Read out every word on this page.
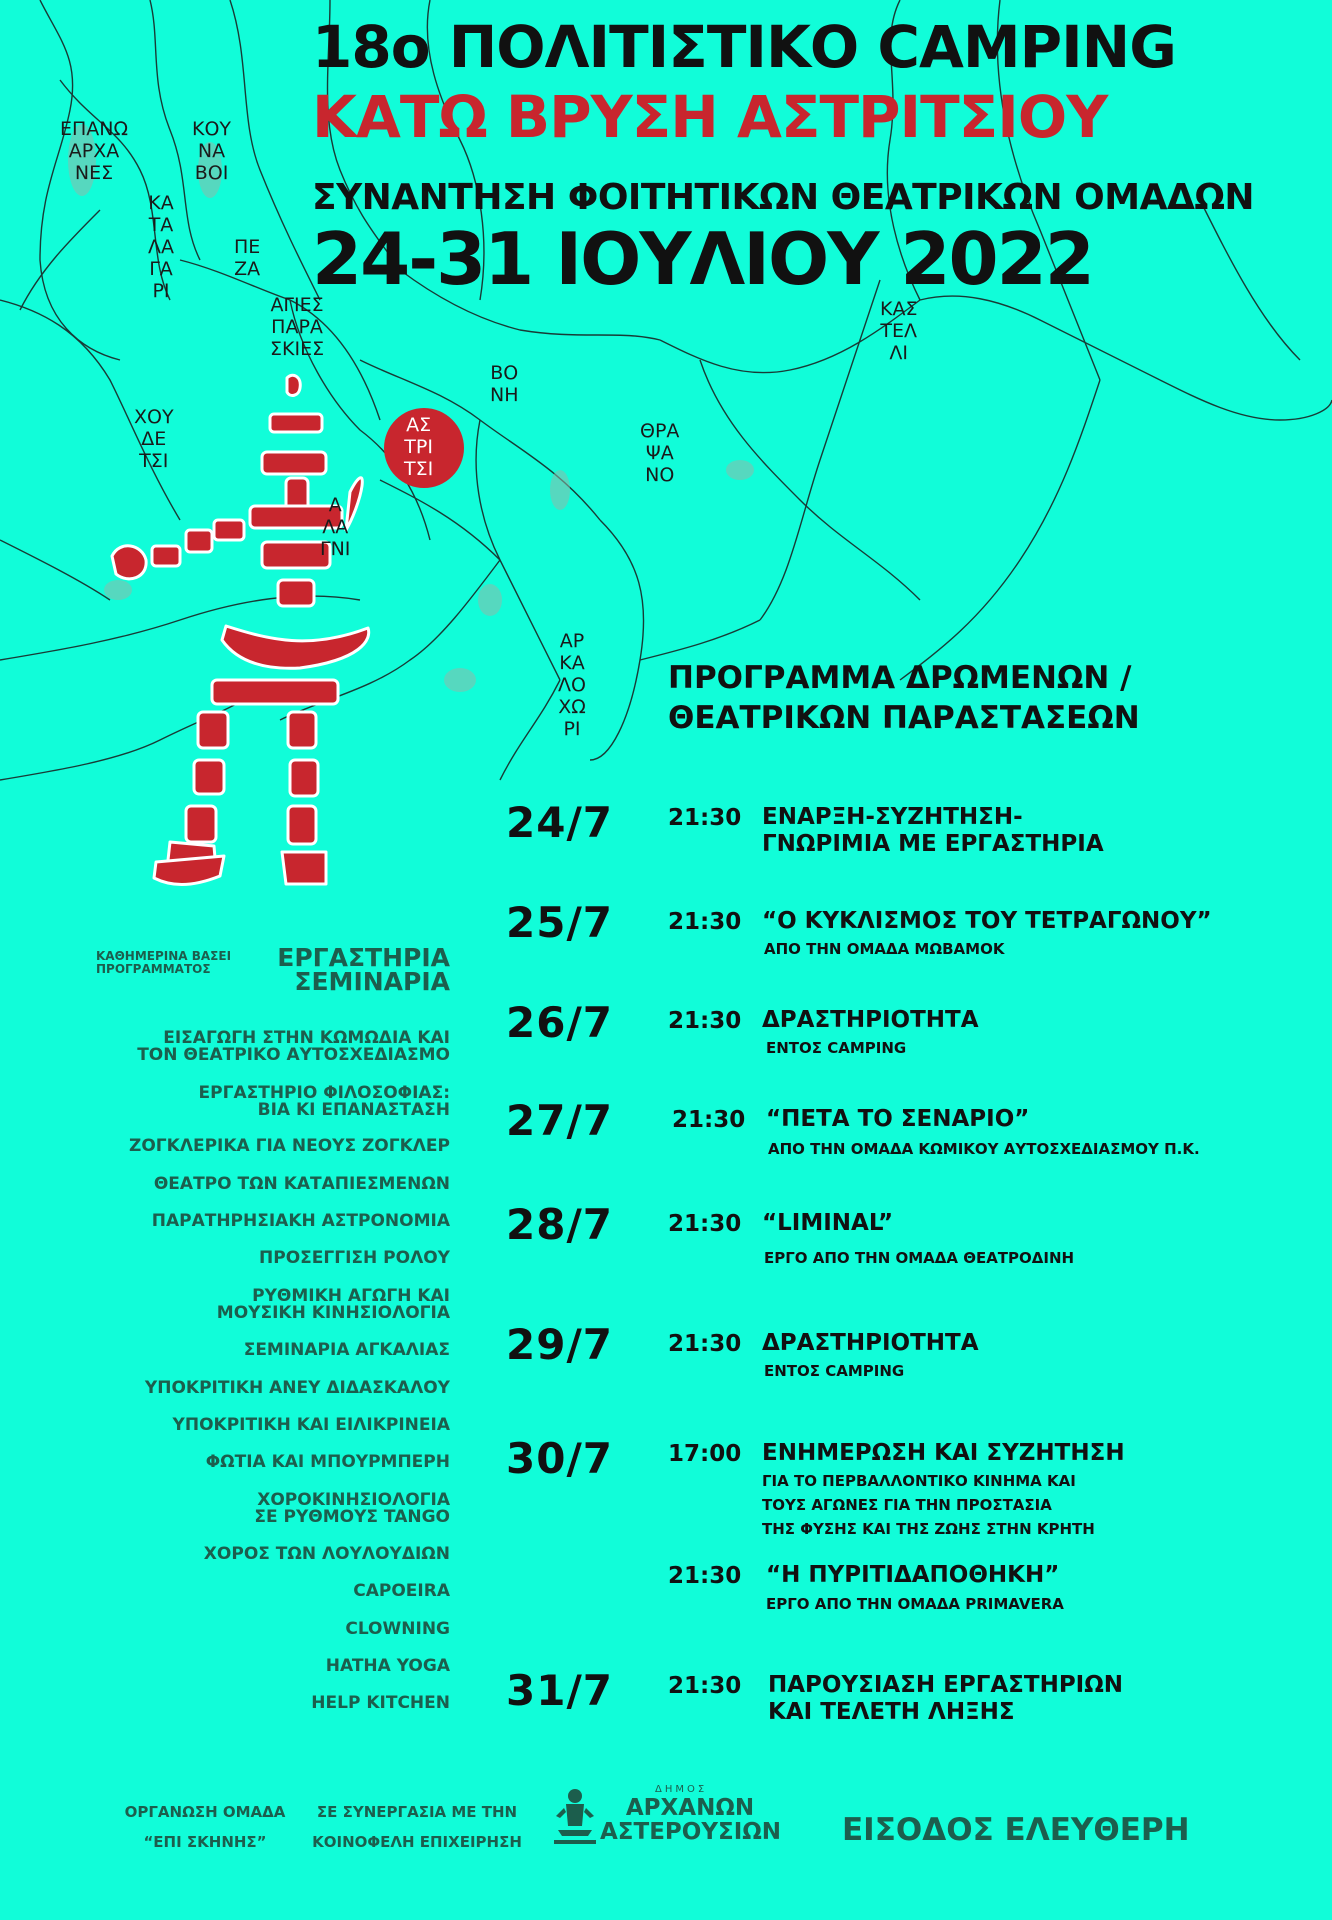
18ο ΠΟΛΙΤΙΣΤΙΚΟ CAMPING
ΚΑΤΩ ΒΡΥΣΗ ΑΣΤΡΙΤΣΙΟΥ
ΣΥΝΑΝΤΗΣΗ ΦΟΙΤΗΤΙΚΩΝ ΘΕΑΤΡΙΚΩΝ ΟΜΑΔΩΝ
24-31 ΙΟΥΛΙΟΥ 2022
ΕΠΑΝΩ
ΑΡΧΑ
ΝΕΣ
ΚΟΥ
ΝΑ
ΒΟΙ
ΚΑ
ΤΑ
ΛΑ
ΓΑ
ΡΙ
ΠΕ
ΖΑ
ΑΓΙΕΣ
ΠΑΡΑ
ΣΚΙΕΣ
ΧΟΥ
ΔΕ
ΤΣΙ
ΒΟ
ΝΗ
ΚΑΣ
ΤΕΛ
ΛΙ
ΘΡΑ
ΨΑ
ΝΟ
ΑΣ
ΤΡΙ
ΤΣΙ
Α
ΛΑ
ΓΝΙ
ΑΡ
ΚΑ
ΛΟ
ΧΩ
ΡΙ
ΠΡΟΓΡΑΜΜΑ ΔΡΩΜΕΝΩΝ /
ΘΕΑΤΡΙΚΩΝ ΠΑΡΑΣΤΑΣΕΩΝ
24/7 21:30 ΕΝΑΡΞΗ-ΣΥΖΗΤΗΣΗ-
ΓΝΩΡΙΜΙΑ ΜΕ ΕΡΓΑΣΤΗΡΙΑ
25/7 21:30 “Ο ΚΥΚΛΙΣΜΟΣ ΤΟΥ ΤΕΤΡΑΓΩΝΟΥ”
ΑΠΟ ΤΗΝ ΟΜΑΔΑ ΜΩΒΑΜΟΚ
26/7 21:30 ΔΡΑΣΤΗΡΙΟΤΗΤΑ
ΕΝΤΟΣ CAMPING
27/7	21:30 “ΠΕΤΑ ΤΟ ΣΕΝΑΡΙΟ”
ΑΠΟ ΤΗΝ ΟΜΑΔΑ ΚΩΜΙΚΟΥ ΑΥΤΟΣΧΕΔΙΑΣΜΟΥ Π.Κ.
28/7 21:30 “LIMINAL”
ΕΡΓΟ ΑΠΟ ΤΗΝ ΟΜΑΔΑ ΘΕΑΤΡΟΔΙΝΗ
29/7 21:30 ΔΡΑΣΤΗΡΙΟΤΗΤΑ
ΕΝΤΟΣ CAMPING
30/7 17:00 ΕΝΗΜΕΡΩΣΗ ΚΑΙ ΣΥΖΗΤΗΣΗ
ΓΙΑ ΤΟ ΠΕΡΒΑΛΛΟΝΤΙΚΟ ΚΙΝΗΜΑ ΚΑΙ
ΤΟΥΣ ΑΓΩΝΕΣ ΓΙΑ ΤΗΝ ΠΡΟΣΤΑΣΙΑ
ΤΗΣ ΦΥΣΗΣ ΚΑΙ ΤΗΣ ΖΩΗΣ ΣΤΗΝ ΚΡΗΤΗ
21:30 “Η ΠΥΡΙΤΙΔΑΠΟΘΗΚΗ”
ΕΡΓΟ ΑΠΟ ΤΗΝ ΟΜΑΔΑ PRIMAVERA
31/7 21:30 ΠΑΡΟΥΣΙΑΣΗ ΕΡΓΑΣΤΗΡΙΩΝ
ΚΑΙ ΤΕΛΕΤΗ ΛΗΞΗΣ
ΚΑΘΗΜΕΡΙΝΑ ΒΑΣΕΙ
ΠΡΟΓΡΑΜΜΑΤΟΣ	ΕΡΓΑΣΤΗΡΙΑ
ΣΕΜΙΝΑΡΙΑ
ΕΙΣΑΓΩΓΗ ΣΤΗΝ ΚΩΜΩΔΙΑ ΚΑΙ
ΤΟΝ ΘΕΑΤΡΙΚΟ ΑΥΤΟΣΧΕΔΙΑΣΜΟ
ΕΡΓΑΣΤΗΡΙΟ ΦΙΛΟΣΟΦΙΑΣ:
ΒΙΑ ΚΙ ΕΠΑΝΑΣΤΑΣΗ
ΖΟΓΚΛΕΡΙΚΑ ΓΙΑ ΝΕΟΥΣ ΖΟΓΚΛΕΡ
ΘΕΑΤΡΟ ΤΩΝ ΚΑΤΑΠΙΕΣΜΕΝΩΝ
ΠΑΡΑΤΗΡΗΣΙΑΚΗ ΑΣΤΡΟΝΟΜΙΑ
ΠΡΟΣΕΓΓΙΣΗ ΡΟΛΟΥ
ΡΥΘΜΙΚΗ ΑΓΩΓΗ ΚΑΙ
ΜΟΥΣΙΚΗ ΚΙΝΗΣΙΟΛΟΓΙΑ
ΣΕΜΙΝΑΡΙΑ ΑΓΚΑΛΙΑΣ
ΥΠΟΚΡΙΤΙΚΗ ΑΝΕΥ ΔΙΔΑΣΚΑΛΟΥ
ΥΠΟΚΡΙΤΙΚΗ ΚΑΙ ΕΙΛΙΚΡΙΝΕΙΑ
ΦΩΤΙΑ ΚΑΙ ΜΠΟΥΡΜΠΕΡΗ
ΧΟΡΟΚΙΝΗΣΙΟΛΟΓΙΑ
ΣΕ ΡΥΘΜΟΥΣ TANGO
ΧΟΡΟΣ ΤΩΝ ΛΟΥΛΟΥΔΙΩΝ
CAPOEIRA
CLOWNING
HATHA YOGA
HELP KITCHEN
ΟΡΓΑΝΩΣΗ ΟΜΑΔΑ
“ΕΠΙ ΣΚΗΝΗΣ”
ΣΕ ΣΥΝΕΡΓΑΣΙΑ ΜΕ ΤΗΝ
ΚΟΙΝΟΦΕΛΗ ΕΠΙΧΕΙΡΗΣΗ
ΔΗΜΟΣ
ΑΡΧΑΝΩΝ
ΑΣΤΕΡΟΥΣΙΩΝ ΕΙΣΟΔΟΣ ΕΛΕΥΘΕΡΗ
